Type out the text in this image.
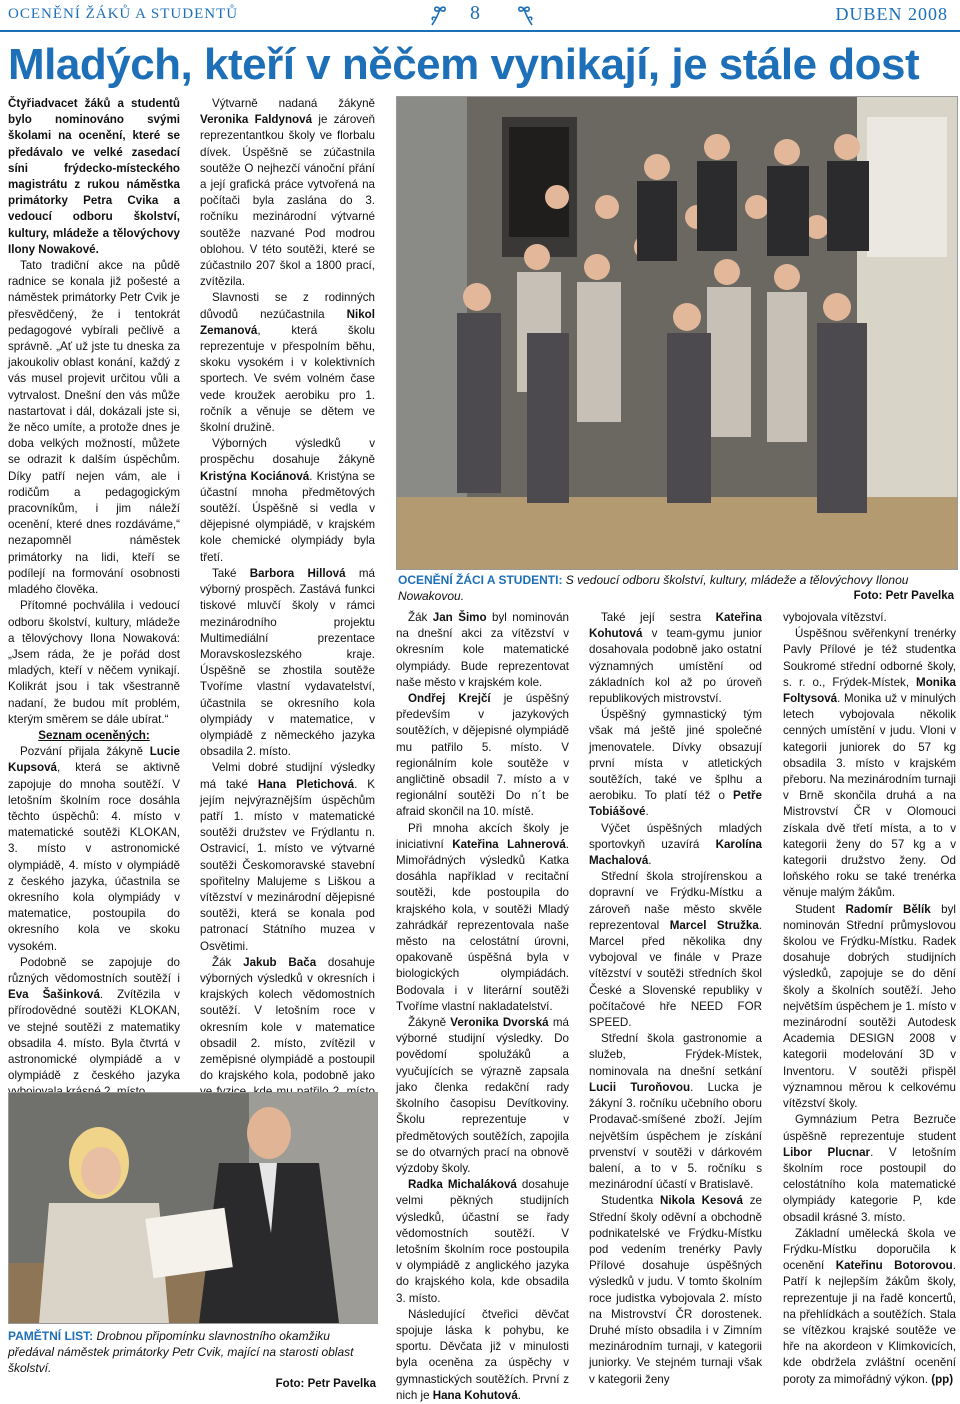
OCENĚNÍ ŽÁKŮ A STUDENTŮ	8	DUBEN 2008
Mladých, kteří v něčem vynikají, je stále dost

Čtyřiadvacet žáků a studentů bylo nominováno svými školami na ocenění, které se předávalo ve velké zasedací síni frýdecko-místeckého magistrátu z rukou náměstka primátorky Petra Cvika a vedoucí odboru školství, kultury, mládeže a tělovýchovy Ilony Nowakové.

Tato tradiční akce na půdě radnice se konala již pošesté a náměstek primátorky Petr Cvik je přesvědčený, že i tentokrát pedagogové vybírali pečlivě a správně. „Ať už jste tu dneska za jakoukoliv oblast konání, každý z vás musel projevit určitou vůli a vytrvalost. Dnešní den vás může nastartovat i dál, dokázali jste si, že něco umíte, a protože dnes je doba velkých možností, můžete se odrazit k dalším úspěchům. Díky patří nejen vám, ale i rodičům a pedagogickým pracovníkům, i jim náleží ocenění, které dnes rozdáváme,“ nezapomněl náměstek primátorky na lidi, kteří se podílejí na formování osobnosti mladého člověka.

Přítomné pochválila i vedoucí odboru školství, kultury, mládeže a tělovýchovy Ilona Nowaková: „Jsem ráda, že je pořád dost mladých, kteří v něčem vynikají. Kolikrát jsou i tak všestranně nadaní, že budou mít problém, kterým směrem se dále ubírat.“

Seznam oceněných:

Pozvání přijala žákyně Lucie Kupsová, která se aktivně zapojuje do mnoha soutěží. V letošním školním roce dosáhla těchto úspěchů: 4. místo v matematické soutěži KLOKAN, 3. místo v astronomické olympiádě, 4. místo v olympiádě z českého jazyka, účastnila se okresního kola olympiády v matematice, postoupila do okresního kola ve skoku vysokém.

Podobně se zapojuje do různých vědomostních soutěží i Eva Šašinková. Zvítězila v přírodovědné soutěži KLOKAN, ve stejné soutěži z matematiky obsadila 4. místo. Byla čtvrtá v astronomické olympiádě a v olympiádě z českého jazyka

Výtvarně nadaná žákyně Veronika Faldynová je zároveň reprezentantkou školy ve florbalu dívek. Úspěšně se zúčastnila soutěže O nejhezčí vánoční přání a její grafická práce vytvořená na počítači byla zaslána do 3. ročníku mezinárodní výtvarné soutěže nazvané Pod modrou oblohou. V této soutěži, které se zúčastnilo 207 škol a 1800 prací, zvítězila.

Slavnosti se z rodinných důvodů nezúčastnila Nikol Zemanová, která školu reprezentuje v přespolním běhu, skoku vysokém i v kolektivních sportech. Ve svém volném čase vede kroužek aerobiku pro 1. ročník a věnuje se dětem ve školní družině.

Výborných výsledků v prospěchu dosahuje žákyně Kristýna Kociánová. Kristýna se účastní mnoha předmětových soutěží. Úspěšně si vedla v dějepisné olympiádě, v krajském kole chemické olympiády byla třetí.

Také Barbora Hillová má výborný prospěch. Zastává funkci tiskové mluvčí školy v rámci mezinárodního projektu Multimediální prezentace Moravskoslezského kraje. Úspěšně se zhostila soutěže Tvoříme vlastní vydavatelství, účastnila se okresního kola olympiády v matematice, v olympiádě z německého jazyka obsadila 2. místo.

Velmi dobré studijní výsledky má také Hana Pletichová. K jejím nejvýraznějším úspěchům patří 1. místo v matematické soutěži družstev ve Frýdlantu n. Ostravicí, 1. místo ve výtvarné soutěži Českomoravské stavební spořitelny Malujeme s Liškou a vítězství v mezinárodní dějepisné soutěži, která se konala pod patronací Státního muzea v Osvětimi.

Žák Jakub Bača dosahuje výborných výsledků v okresních i krajských kolech vědomostních soutěží. V letošním roce v okresním kole v matematice obsadil 2. místo, zvítězil v zeměpisné olympiádě a postoupil do krajského kola, podobně jako

OCENĚNÍ ŽÁCI A STUDENTI: S vedoucí odboru školství, kultury, mládeže a tělovýchovy Ilonou Nowakovou.	Foto: Petr Pavelka
PAMĚTNÍ LIST: Drobnou připomínku slavnostního okamžiku předával náměstek primátorky Petr Cvik, mající na starosti oblast školství.
Foto: Petr Pavelka

Žák Jan Šimo byl nominován na dnešní akci za vítězství v okresním kole matematické olympiády. Bude reprezentovat naše město v krajském kole.

Ondřej Krejčí je úspěšný především v jazykových soutěžích, v dějepisné olympiádě mu patřilo 5. místo. V regionálním kole soutěže v angličtině obsadil 7. místo a v regionální soutěži Do n´t be afraid skončil na 10. místě.

Při mnoha akcích školy je iniciativní Kateřina Lahnerová. Mimořádných výsledků Katka dosáhla například v recitační soutěži, kde postoupila do krajského kola, v soutěži Mladý zahrádkář reprezentovala naše město na celostátní úrovni, opakovaně úspěšná byla v biologických olympiádách. Bodovala i v literární soutěži Tvoříme vlastní nakladatelství.

Žákyně Veronika Dvorská má výborné studijní výsledky. Do povědomí spolužáků a vyučujících se výrazně zapsala jako členka redakční rady školního časopisu Devítkoviny. Školu reprezentuje v předmětových soutěžích, zapojila se do otvarných prací na obnově výzdoby školy.

Radka Michaláková dosahuje velmi pěkných studijních výsledků, účastní se řady vědomostních soutěží. V letošním školním roce postoupila v olympiádě z anglického jazyka do krajského kola, kde obsadila 3. místo.

Následující čtveřici děvčat spojuje láska k pohybu, ke sportu. Děvčata již v minulosti byla oceněna za úspěchy v gymnastických soutěžích. První z nich je Hana Kohutová.

Také její sestra Kateřina Kohutová v team-gymu junior dosahovala podobně jako ostatní významných umístění od základních kol až po úroveň republikových mistrovství.

Úspěšný gymnastický tým však má ještě jiné společné jmenovatele. Dívky obsazují první místa v atletických soutěžích, také ve šplhu a aerobiku. To platí též o Petře Tobiášové.

Výčet úspěšných mladých sportovkyň uzavírá Karolína Machalová.

Střední škola strojírenskou a dopravní ve Frýdku-Místku a zároveň naše město skvěle reprezentoval Marcel Stružka. Marcel před několika dny vybojoval ve finále v Praze vítězství v soutěži středních škol České a Slovenské republiky v počítačové hře NEED FOR SPEED.

Střední škola gastronomie a služeb, Frýdek-Místek, nominovala na dnešní setkání Lucii Turoňovou. Lucka je žákyní 3. ročníku učebního oboru Prodavač-smíšené zboží. Jejím největším úspěchem je získání prvenství v soutěži v dárkovém balení, a to v 5. ročníku s mezinárodní účastí v Bratislavě.

Studentka Nikola Kesová ze Střední školy oděvní a obchodně podnikatelské ve Frýdku-Místku pod vedením trenérky Pavly Přílové dosahuje úspěšných výsledků v judu. V tomto školním roce judistka vybojovala 2. místo na Mistrovství ČR dorostenek. Druhé místo obsadila i v Zimním mezinárodním turnaji, v kategorii juniorky. Ve stejném turnaji však v kategorii ženy

vybojovala vítězství.

Úspěšnou svěřenkyní trenérky Pavly Přílové je též studentka Soukromé střední odborné školy, s. r. o., Frýdek-Místek, Monika Foltysová. Monika už v minulých letech vybojovala několik cenných umístění v judu. Vloni v kategorii juniorek do 57 kg obsadila 3. místo v krajském přeboru. Na mezinárodním turnaji v Brně skončila druhá a na Mistrovství ČR v Olomouci získala dvě třetí místa, a to v kategorii ženy do 57 kg a v kategorii družstvo ženy. Od loňského roku se také trenérka věnuje malým žákům.

Student Radomír Bělík byl nominován Střední průmyslovou školou ve Frýdku-Místku. Radek dosahuje dobrých studijních výsledků, zapojuje se do dění školy a školních soutěží. Jeho největším úspěchem je 1. místo v mezinárodní soutěži Autodesk Academia DESIGN 2008 v kategorii modelování 3D v Inventoru. V soutěži přispěl významnou měrou k celkovému vítězství školy.

Gymnázium Petra Bezruče úspěšně reprezentuje student Libor Plucnar. V letošním školním roce postoupil do celostátního kola matematické olympiády kategorie P, kde obsadil krásné 3. místo.

Základní umělecká škola ve Frýdku-Místku doporučila k ocenění Kateřinu Botorovou. Patří k nejlepším žákům školy, reprezentuje ji na řadě koncertů, na přehlídkách a soutěžích. Stala se vítězkou krajské soutěže ve hře na akordeon v Klimkovicích, kde obdržela zvláštní ocenění poroty za mimořádný výkon. (pp)
